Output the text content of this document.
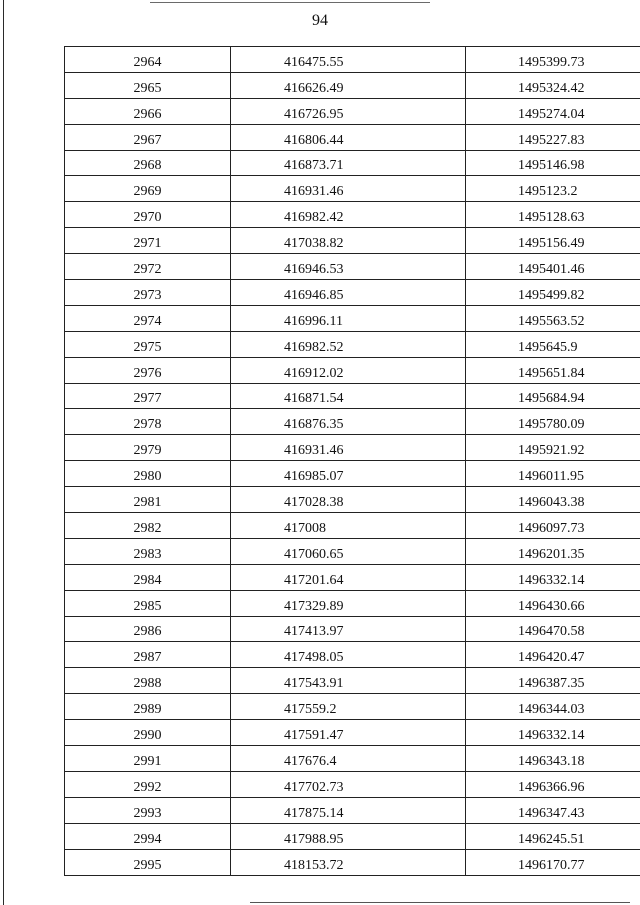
94
2964	416475.55	1495399.73
2965	416626.49	1495324.42
2966	416726.95	1495274.04
2967	416806.44	1495227.83
2968	416873.71	1495146.98
2969	416931.46	1495123.2
2970	416982.42	1495128.63
2971	417038.82	1495156.49
2972	416946.53	1495401.46
2973	416946.85	1495499.82
2974	416996.11	1495563.52
2975	416982.52	1495645.9
2976	416912.02	1495651.84
2977	416871.54	1495684.94
2978	416876.35	1495780.09
2979	416931.46	1495921.92
2980	416985.07	1496011.95
2981	417028.38	1496043.38
2982	417008	1496097.73
2983	417060.65	1496201.35
2984	417201.64	1496332.14
2985	417329.89	1496430.66
2986	417413.97	1496470.58
2987	417498.05	1496420.47
2988	417543.91	1496387.35
2989	417559.2	1496344.03
2990	417591.47	1496332.14
2991	417676.4	1496343.18
2992	417702.73	1496366.96
2993	417875.14	1496347.43
2994	417988.95	1496245.51
2995	418153.72	1496170.77
